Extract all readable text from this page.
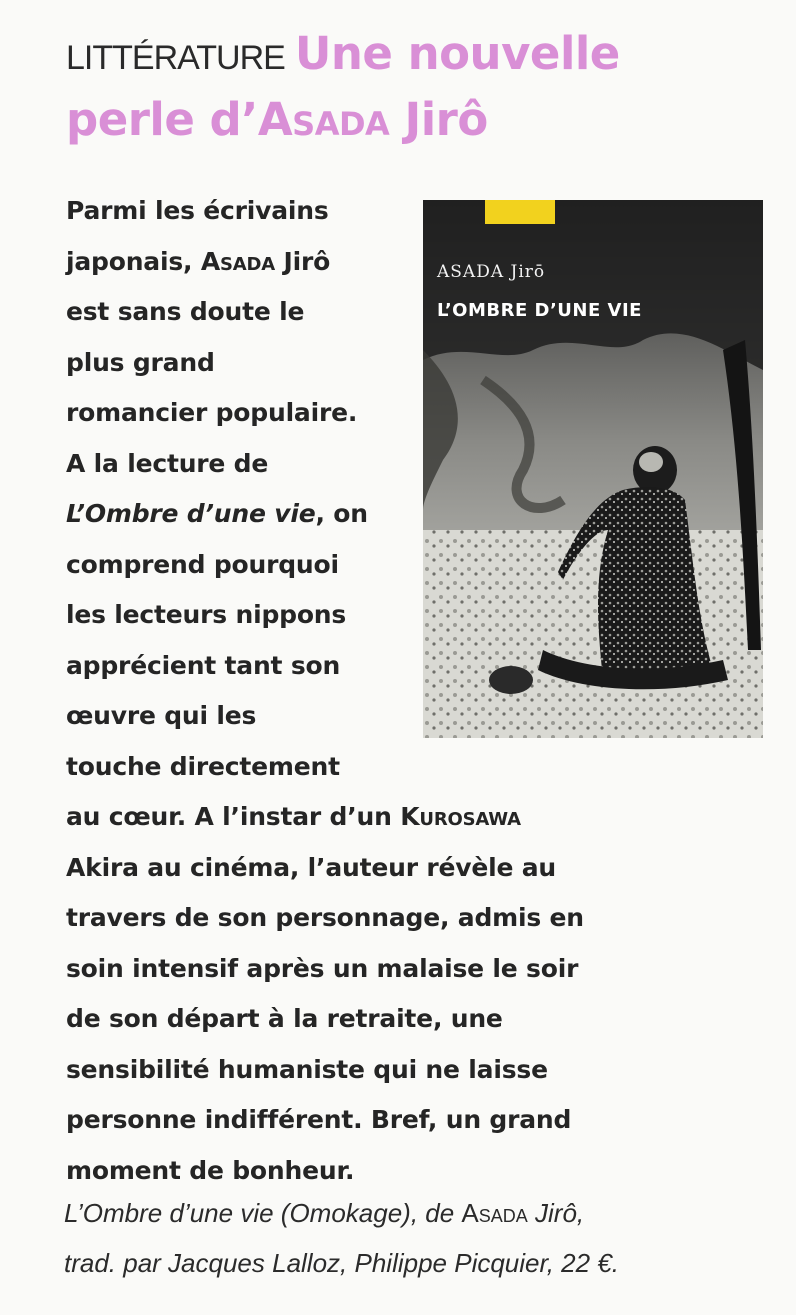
LITTÉRATURE Une nouvelle
perle d’Asada Jirô
Parmi les écrivains
japonais, Asada Jirô
est sans doute le
plus grand
romancier populaire.
A la lecture de
L’Ombre d’une vie, on
comprend pourquoi
les lecteurs nippons
apprécient tant son
œuvre qui les
touche directement
au cœur. A l’instar d’un Kurosawa
Akira au cinéma, l’auteur révèle au
travers de son personnage, admis en
soin intensif après un malaise le soir
de son départ à la retraite, une
sensibilité humaniste qui ne laisse
personne indifférent. Bref, un grand
moment de bonheur.
ASADA Jirō
L’OMBRE D’UNE VIE
L’Ombre d’une vie (Omokage), de Asada Jirô,
trad. par Jacques Lalloz, Philippe Picquier, 22 €.
